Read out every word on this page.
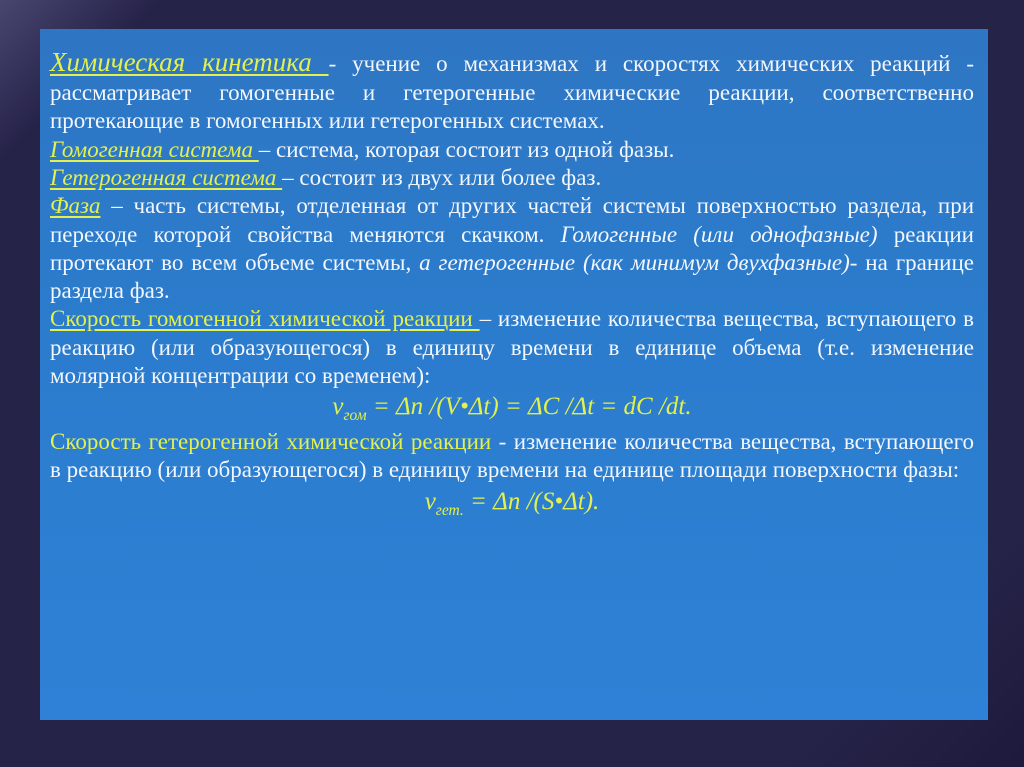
Химическая кинетика - учение о механизмах и скоростях химических реакций - рассматривает гомогенные и гетерогенные химические реакции, соответственно протекающие в гомогенных или гетерогенных системах.

Гомогенная система – система, которая состоит из одной фазы.

Гетерогенная система – состоит из двух или более фаз.

Фаза – часть системы, отделенная от других частей системы поверхностью раздела, при переходе которой свойства меняются скачком. Гомогенные (или однофазные) реакции протекают во всем объеме системы, а гетерогенные (как минимум двухфазные)- на границе раздела фаз.

Скорость гомогенной химической реакции – изменение количества вещества, вступающего в реакцию (или образующегося) в единицу времени в единице объема (т.е. изменение молярной концентрации со временем):

$v_{гом} = \Delta n$ /(V•Δt) = ΔC /Δt = dC /dt.

Скорость гетерогенной химической реакции - изменение количества вещества, вступающего в реакцию (или образующегося) в единицу времени на единице площади поверхности фазы:

$v_{гет.} = \Delta n$ /(S•Δt).
